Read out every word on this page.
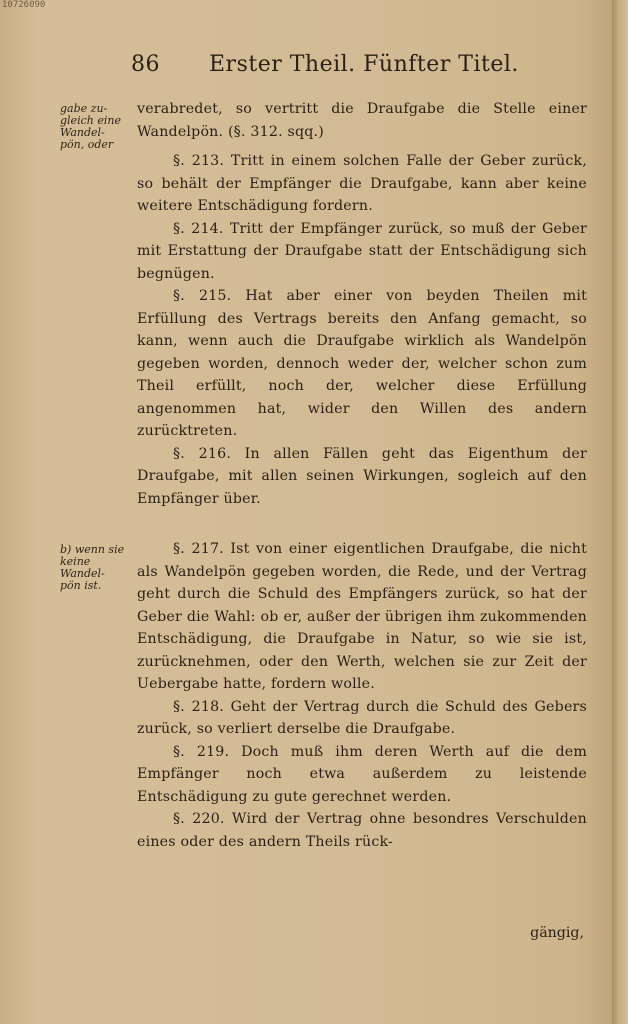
10726090
86 Erster Theil. Fünfter Titel.
gabe zu- gleich eine Wandel- pön, oder
b) wenn sie keine Wandel- pön ist.

verabredet, so vertritt die Draufgabe die Stelle einer Wandelpön. (§. 312. sqq.)

§. 213. Tritt in einem solchen Falle der Geber zurück, so behält der Empfänger die Draufgabe, kann aber keine weitere Entschädigung fordern.

§. 214. Tritt der Empfänger zurück, so muß der Geber mit Erstattung der Draufgabe statt der Entschädigung sich begnügen.

§. 215. Hat aber einer von beyden Theilen mit Erfüllung des Vertrags bereits den Anfang gemacht, so kann, wenn auch die Draufgabe wirklich als Wandelpön gegeben worden, dennoch weder der, welcher schon zum Theil erfüllt, noch der, welcher diese Erfüllung angenommen hat, wider den Willen des andern zurücktreten.

§. 216. In allen Fällen geht das Eigenthum der Draufgabe, mit allen seinen Wirkungen, sogleich auf den Empfänger über.

§. 217. Ist von einer eigentlichen Draufgabe, die nicht als Wandelpön gegeben worden, die Rede, und der Vertrag geht durch die Schuld des Empfängers zurück, so hat der Geber die Wahl: ob er, außer der übrigen ihm zukommenden Entschädigung, die Draufgabe in Natur, so wie sie ist, zurücknehmen, oder den Werth, welchen sie zur Zeit der Uebergabe hatte, fordern wolle.

§. 218. Geht der Vertrag durch die Schuld des Gebers zurück, so verliert derselbe die Draufgabe.

§. 219. Doch muß ihm deren Werth auf die dem Empfänger noch etwa außerdem zu leistende Entschädigung zu gute gerechnet werden.

§. 220. Wird der Vertrag ohne besondres Verschulden eines oder des andern Theils rück-

gängig,
